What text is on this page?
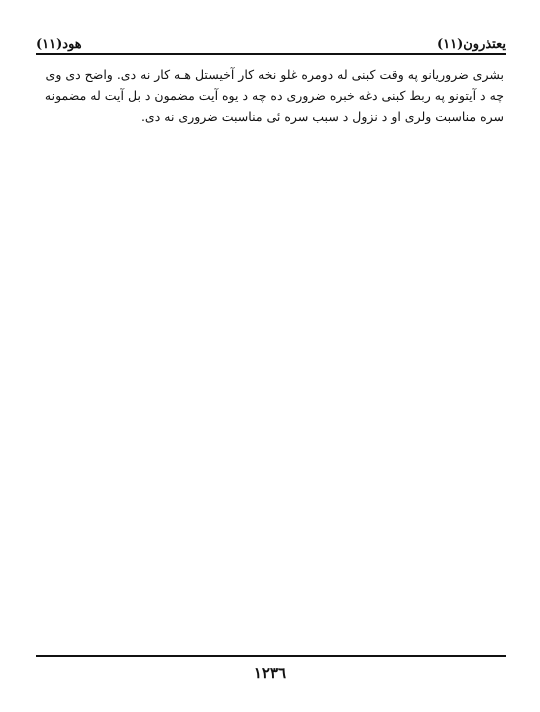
يعتذرون(١١)
هود(١١)

بشرى ضروريانو په وقت كبنى له دومره غلو نخه كار آخيستل هـه كار نه دى. واضح دى وى

چه د آيتونو په ربط كبنى دغه خبره ضرورى ده چه د يوه آيت مضمون د بل آيت له مضمونه

سره مناسبت ولرى او د نزول د سبب سره ئى مناسبت ضرورى نه دى.

١٢٣٦
